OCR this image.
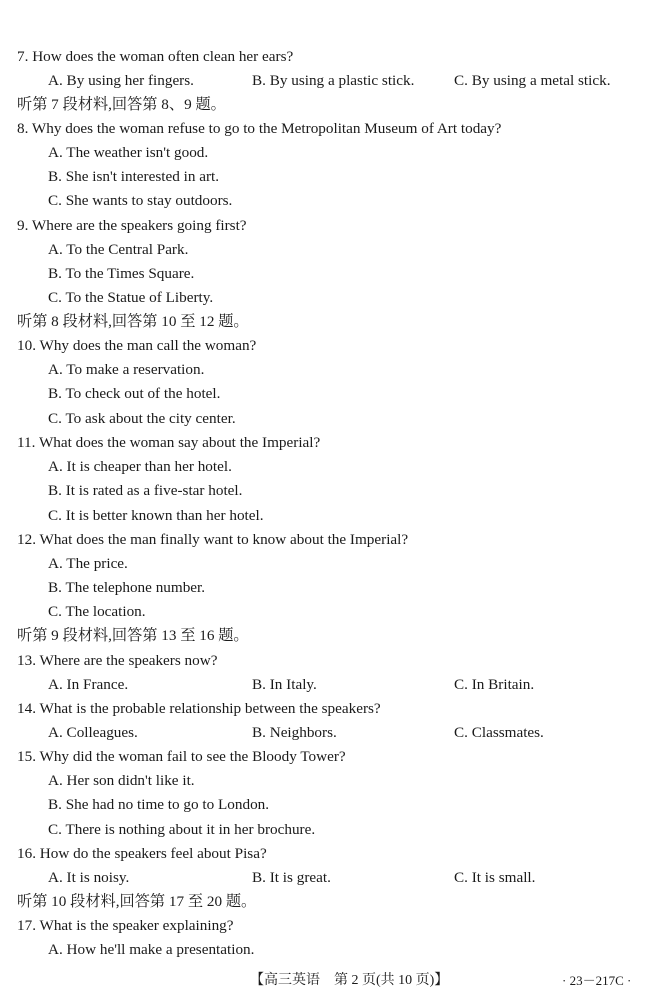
7. How does the woman often clean her ears?
A. By using her fingers.	B. By using a plastic stick.	C. By using a metal stick.
听第 7 段材料,回答第 8、9 题。
8. Why does the woman refuse to go to the Metropolitan Museum of Art today?
A. The weather isn't good.
B. She isn't interested in art.
C. She wants to stay outdoors.
9. Where are the speakers going first?
A. To the Central Park.
B. To the Times Square.
C. To the Statue of Liberty.
听第 8 段材料,回答第 10 至 12 题。
10. Why does the man call the woman?
A. To make a reservation.
B. To check out of the hotel.
C. To ask about the city center.
11. What does the woman say about the Imperial?
A. It is cheaper than her hotel.
B. It is rated as a five-star hotel.
C. It is better known than her hotel.
12. What does the man finally want to know about the Imperial?
A. The price.
B. The telephone number.
C. The location.
听第 9 段材料,回答第 13 至 16 题。
13. Where are the speakers now?
A. In France.	B. In Italy.	C. In Britain.
14. What is the probable relationship between the speakers?
A. Colleagues.	B. Neighbors.	C. Classmates.
15. Why did the woman fail to see the Bloody Tower?
A. Her son didn't like it.
B. She had no time to go to London.
C. There is nothing about it in her brochure.
16. How do the speakers feel about Pisa?
A. It is noisy.	B. It is great.	C. It is small.
听第 10 段材料,回答第 17 至 20 题。
17. What is the speaker explaining?
A. How he'll make a presentation.
【高三英语　第 2 页(共 10 页)】	· 23－217C ·
